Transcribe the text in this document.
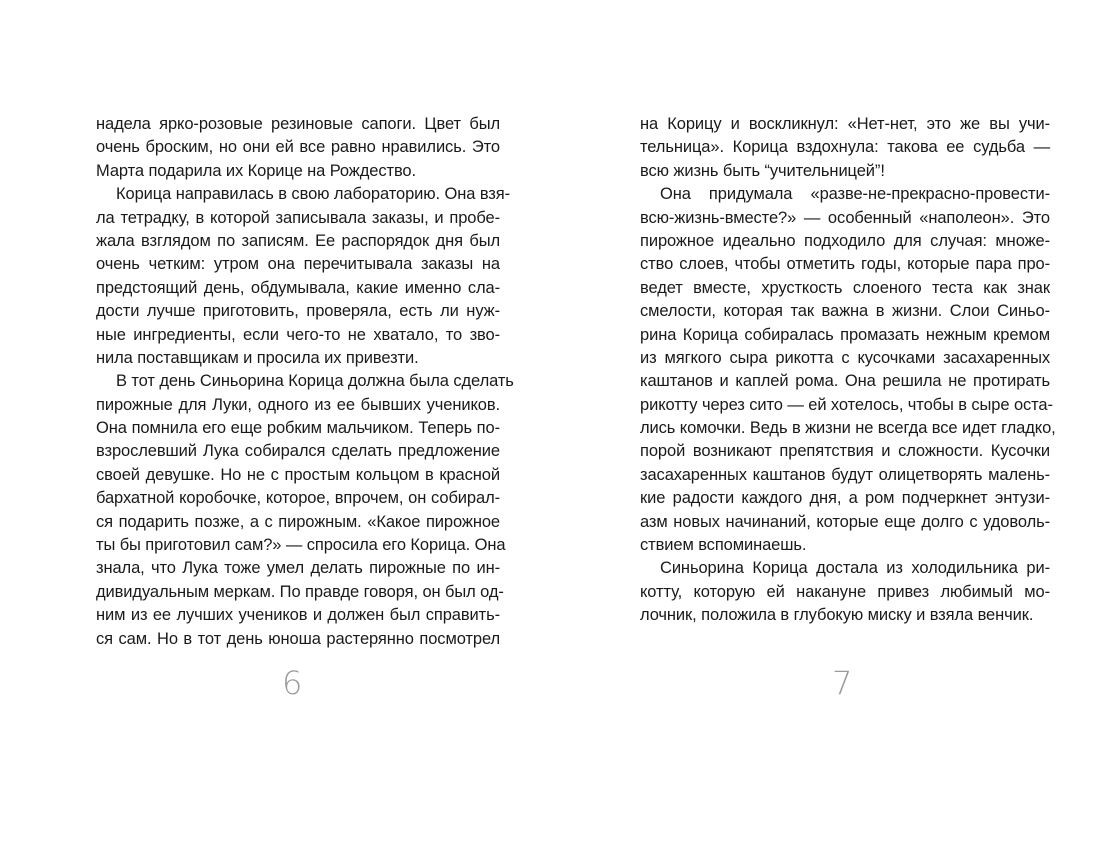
надела ярко-розовые резиновые сапоги. Цвет был
очень броским, но они ей все равно нравились. Это
Марта подарила их Корице на Рождество.
Корица направилась в свою лабораторию. Она взя-
ла тетрадку, в которой записывала заказы, и пробе-
жала взглядом по записям. Ее распорядок дня был
очень четким: утром она перечитывала заказы на
предстоящий день, обдумывала, какие именно сла-
дости лучше приготовить, проверяла, есть ли нуж-
ные ингредиенты, если чего-то не хватало, то зво-
нила поставщикам и просила их привезти.
В тот день Синьорина Корица должна была сделать
пирожные для Луки, одного из ее бывших учеников.
Она помнила его еще робким мальчиком. Теперь по-
взрослевший Лука собирался сделать предложение
своей девушке. Но не с простым кольцом в красной
бархатной коробочке, которое, впрочем, он собирал-
ся подарить позже, а с пирожным. «Какое пирожное
ты бы приготовил сам?» — спросила его Корица. Она
знала, что Лука тоже умел делать пирожные по ин-
дивидуальным меркам. По правде говоря, он был од-
ним из ее лучших учеников и должен был справить-
ся сам. Но в тот день юноша растерянно посмотрел
6
на Корицу и воскликнул: «Нет-нет, это же вы учи-
тельница». Корица вздохнула: такова ее судьба —
всю жизнь быть “учительницей”!
Она придумала «разве-не-прекрасно-провести-
всю-жизнь-вместе?» — особенный «наполеон». Это
пирожное идеально подходило для случая: множе-
ство слоев, чтобы отметить годы, которые пара про-
ведет вместе, хрусткость слоеного теста как знак
смелости, которая так важна в жизни. Слои Синьо-
рина Корица собиралась промазать нежным кремом
из мягкого сыра рикотта с кусочками засахаренных
каштанов и каплей рома. Она решила не протирать
рикотту через сито — ей хотелось, чтобы в сыре оста-
лись комочки. Ведь в жизни не всегда все идет гладко,
порой возникают препятствия и сложности. Кусочки
засахаренных каштанов будут олицетворять малень-
кие радости каждого дня, а ром подчеркнет энтузи-
азм новых начинаний, которые еще долго с удоволь-
ствием вспоминаешь.
Синьорина Корица достала из холодильника ри-
котту, которую ей накануне привез любимый мо-
лочник, положила в глубокую миску и взяла венчик.
7
